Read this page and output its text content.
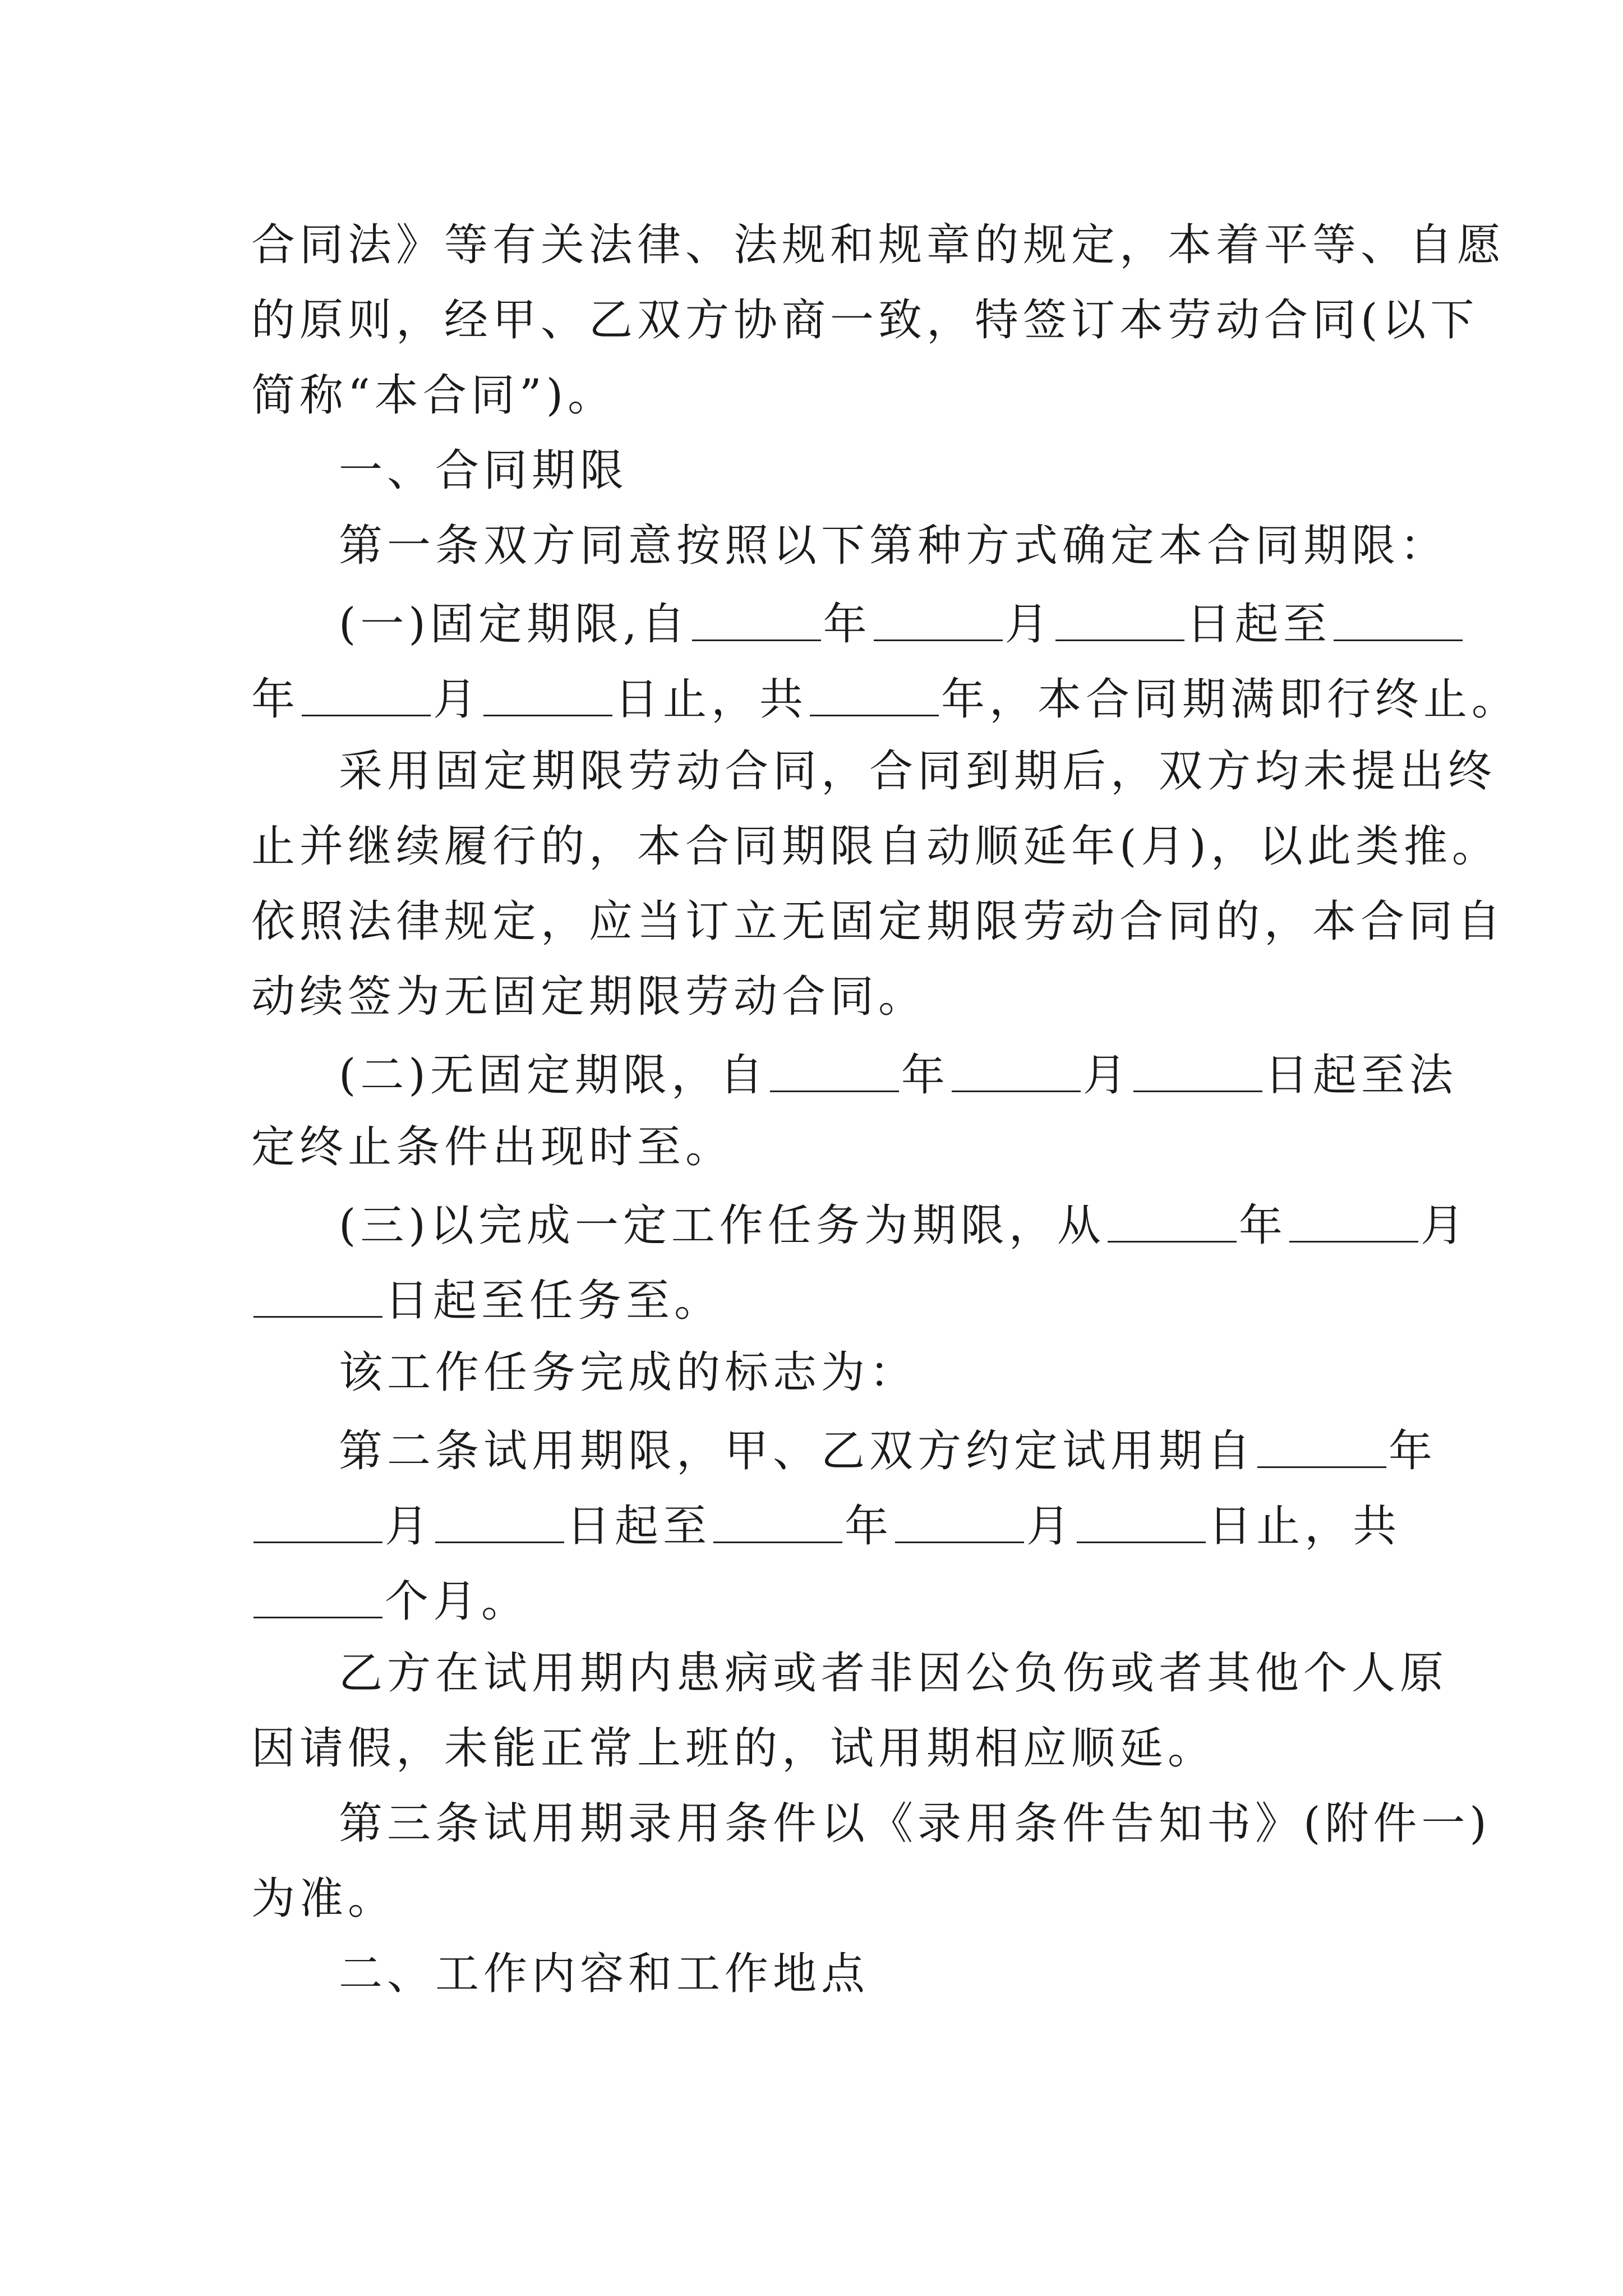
合同法》等有关法律、法规和规章的规定，本着平等、自愿
的原则，经甲、乙双方协商一致，特签订本劳动合同(以下
简称“本合同”)。
一、合同期限
第一条双方同意按照以下第种方式确定本合同期限：
(一)固定期限,自	年	月	日起至
年	月	日止，共	年，本合同期满即行终止。
采用固定期限劳动合同，合同到期后，双方均未提出终
止并继续履行的，本合同期限自动顺延年(月)，以此类推。
依照法律规定，应当订立无固定期限劳动合同的，本合同自
动续签为无固定期限劳动合同。
(二)无固定期限，自	年	月	日起至法
定终止条件出现时至。
(三)以完成一定工作任务为期限，从	年	月
日起至任务至。
该工作任务完成的标志为：
第二条试用期限，甲、乙双方约定试用期自	年
月	日起至	年	月	日止，共
个月。
乙方在试用期内患病或者非因公负伤或者其他个人原
因请假，未能正常上班的，试用期相应顺延。
第三条试用期录用条件以《录用条件告知书》(附件一)
为准。
二、工作内容和工作地点
